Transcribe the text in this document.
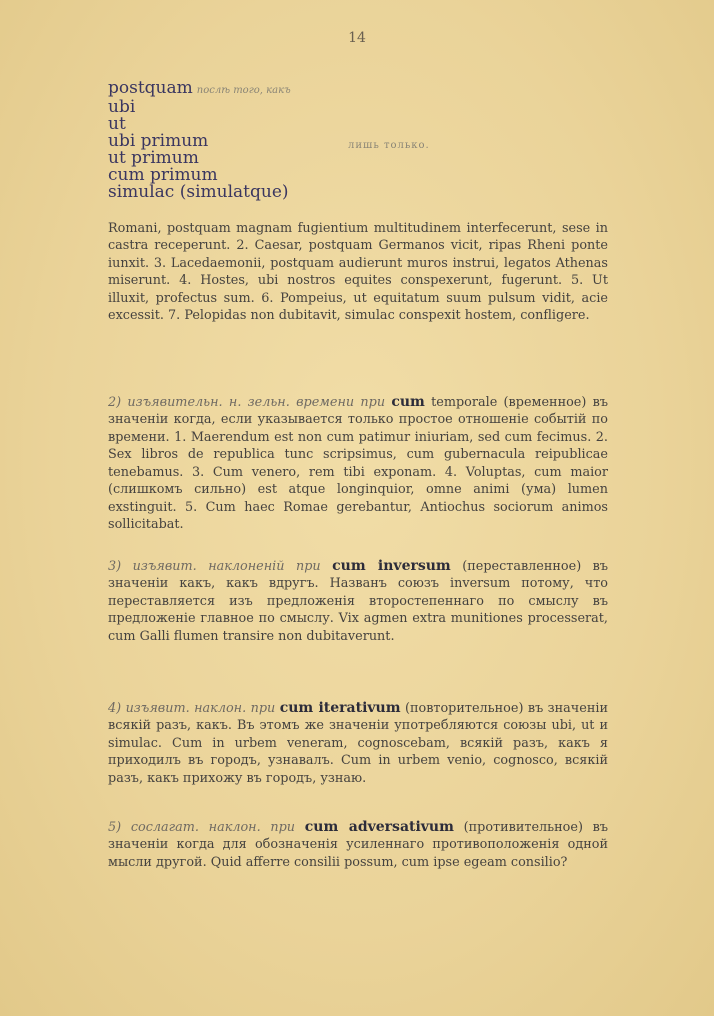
14
postquam послѣ того, какъ
ubi
ut
ubi primum
ut primum
cum primum
simulac (simulatque)
лишь только.

Romani, postquam magnam fugientium multitudinem interfecerunt, sese in castra receperunt. 2. Caesar, postquam Germanos vicit, ripas Rheni ponte iunxit. 3. Lacedaemonii, postquam audierunt muros instrui, legatos Athenas miserunt. 4. Hostes, ubi nostros equites conspexerunt, fugerunt. 5. Ut illuxit, profectus sum. 6. Pompeius, ut equitatum suum pulsum vidit, acie excessit. 7. Pelopidas non dubitavit, simulac conspexit hostem, confligere.

2) изъявительн. н. зельн. времени при cum temporale (временное) въ значеніи когда, если указывается только простое отношеніе событій по времени. 1. Maerendum est non cum patimur iniuriam, sed cum fecimus. 2. Sex libros de republica tunc scripsimus, cum gubernacula reipublicae tenebamus. 3. Cum venero, rem tibi exponam. 4. Voluptas, cum maior (слишкомъ сильно) est atque longinquior, omne animi (ума) lumen exstinguit. 5. Cum haec Romae gerebantur, Antiochus sociorum animos sollicitabat.

3) изъявит. наклоненій при cum inversum (переставленное) въ значеніи какъ, какъ вдругъ. Названъ союзъ inversum потому, что переставляется изъ предложенія второстепеннаго по смыслу въ предложеніе главное по смыслу. Vix agmen extra munitiones processerat, cum Galli flumen transire non dubitaverunt.

4) изъявит. наклон. при cum iterativum (повторительное) въ значеніи всякій разъ, какъ. Въ этомъ же значеніи употребляются союзы ubi, ut и simulac. Cum in urbem veneram, cognoscebam, всякій разъ, какъ я приходилъ въ городъ, узнавалъ. Cum in urbem venio, cognosco, всякій разъ, какъ прихожу въ городъ, узнаю.

5) сослагат. наклон. при cum adversativum (противительное) въ значеніи когда для обозначенія усиленнаго противоположенія одной мысли другой. Quid afferre consilii possum, cum ipse egeam consilio?
